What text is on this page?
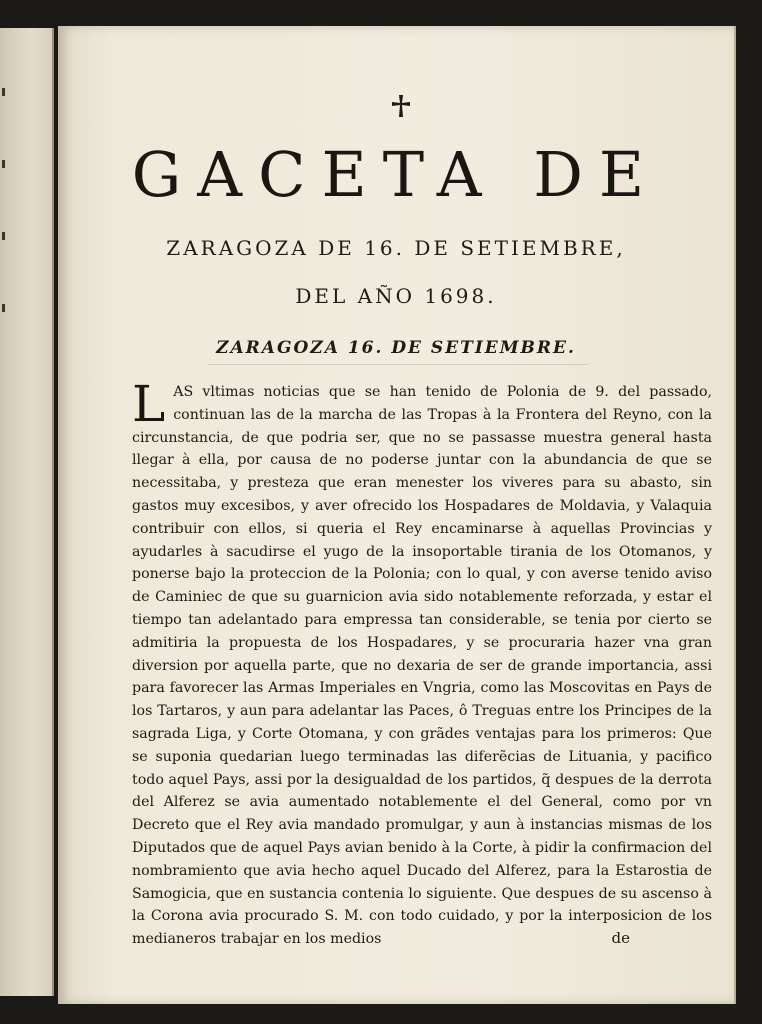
GACETA DE
ZARAGOZA DE 16. DE SETIEMBRE,
DEL AÑO 1698.
ZARAGOZA 16. DE SETIEMBRE.
L AS vltimas noticias que se han tenido de Polonia de 9. del passado, continuan las de la marcha de las Tropas à la Frontera del Reyno, con la circunstancia, de que podria ser, que no se passasse muestra general hasta llegar à ella, por causa de no poderse juntar con la abundancia de que se necessitaba, y presteza que eran menester los viveres para su abasto, sin gastos muy excesibos, y aver ofrecido los Hospadares de Moldavia, y Valaquia contribuir con ellos, si queria el Rey encaminarse à aquellas Provincias y ayudarles à sacudirse el yugo de la insoportable tirania de los Otomanos, y ponerse bajo la proteccion de la Polonia; con lo qual, y con averse tenido aviso de Caminiec de que su guarnicion avia sido notablemente reforzada, y estar el tiempo tan adelantado para empressa tan considerable, se tenia por cierto se admitiria la propuesta de los Hospadares, y se procuraria hazer vna gran diversion por aquella parte, que no dexaria de ser de grande importancia, assi para favorecer las Armas Imperiales en Vngria, como las Moscovitas en Pays de los Tartaros, y aun para adelantar las Paces, ô Treguas entre los Principes de la sagrada Liga, y Corte Otomana, y con grãdes ventajas para los primeros: Que se suponia quedarian luego terminadas las diferẽcias de Lituania, y pacifico todo aquel Pays, assi por la desigualdad de los partidos, q̃ despues de la derrota del Alferez se avia aumentado notablemente el del General, como por vn Decreto que el Rey avia mandado promulgar, y aun à instancias mismas de los Diputados que de aquel Pays avian benido à la Corte, à pidir la confirmacion del nombramiento que avia hecho aquel Ducado del Alferez, para la Estarostia de Samogicia, que en sustancia contenia lo siguiente. Que despues de su ascenso à la Corona avia procurado S. M. con todo cuidado, y por la interposicion de los medianeros trabajar en los medios	de
